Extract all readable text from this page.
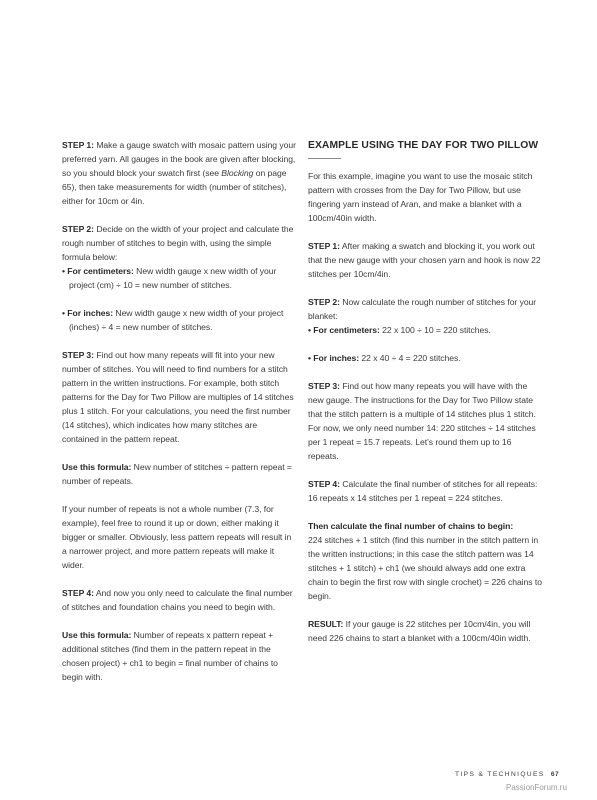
STEP 1: Make a gauge swatch with mosaic pattern using your preferred yarn. All gauges in the book are given after blocking, so you should block your swatch first (see Blocking on page 65), then take measurements for width (number of stitches), either for 10cm or 4in.

STEP 2: Decide on the width of your project and calculate the rough number of stitches to begin with, using the simple formula below:

• For centimeters: New width gauge x new width of your project (cm) ÷ 10 = new number of stitches.

• For inches: New width gauge x new width of your project (inches) ÷ 4 = new number of stitches.

STEP 3: Find out how many repeats will fit into your new number of stitches. You will need to find numbers for a stitch pattern in the written instructions. For example, both stitch patterns for the Day for Two Pillow are multiples of 14 stitches plus 1 stitch. For your calculations, you need the first number (14 stitches), which indicates how many stitches are contained in the pattern repeat.

Use this formula: New number of stitches ÷ pattern repeat = number of repeats.

If your number of repeats is not a whole number (7.3, for example), feel free to round it up or down, either making it bigger or smaller. Obviously, less pattern repeats will result in a narrower project, and more pattern repeats will make it wider.

STEP 4: And now you only need to calculate the final number of stitches and foundation chains you need to begin with.

Use this formula: Number of repeats x pattern repeat + additional stitches (find them in the pattern repeat in the chosen project) + ch1 to begin = final number of chains to begin with.

EXAMPLE USING THE DAY FOR TWO PILLOW

For this example, imagine you want to use the mosaic stitch pattern with crosses from the Day for Two Pillow, but use fingering yarn instead of Aran, and make a blanket with a 100cm/40in width.

STEP 1: After making a swatch and blocking it, you work out that the new gauge with your chosen yarn and hook is now 22 stitches per 10cm/4in.

STEP 2: Now calculate the rough number of stitches for your blanket:

• For centimeters: 22 x 100 ÷ 10 = 220 stitches.

• For inches: 22 x 40 ÷ 4 = 220 stitches.

STEP 3: Find out how many repeats you will have with the new gauge. The instructions for the Day for Two Pillow state that the stitch pattern is a multiple of 14 stitches plus 1 stitch. For now, we only need number 14: 220 stitches ÷ 14 stitches per 1 repeat = 15.7 repeats. Let’s round them up to 16 repeats.

STEP 4: Calculate the final number of stitches for all repeats: 16 repeats x 14 stitches per 1 repeat = 224 stitches.

Then calculate the final number of chains to begin:
224 stitches + 1 stitch (find this number in the stitch pattern in the written instructions; in this case the stitch pattern was 14 stitches + 1 stitch) + ch1 (we should always add one extra chain to begin the first row with single crochet) = 226 chains to begin.

RESULT: If your gauge is 22 stitches per 10cm/4in, you will need 226 chains to start a blanket with a 100cm/40in width.

TIPS & TECHNIQUES 67
PassionForum.ru
